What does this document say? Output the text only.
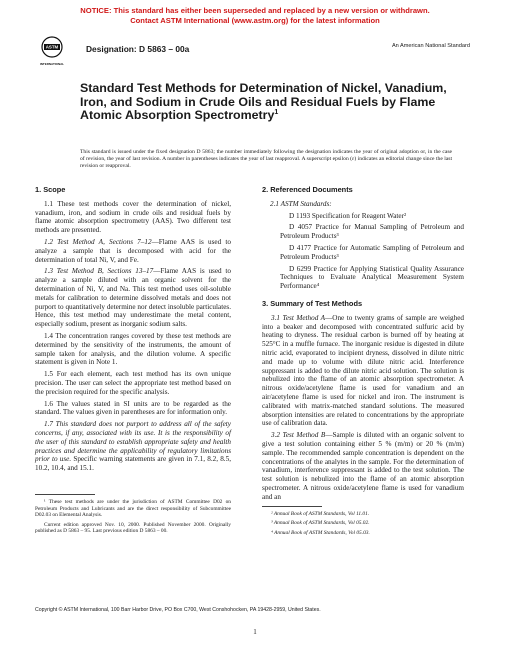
NOTICE: This standard has either been superseded and replaced by a new version or withdrawn.
Contact ASTM International (www.astm.org) for the latest information
ASTM
INTERNATIONAL
Designation: D 5863 – 00a	An American National Standard
Standard Test Methods for Determination of Nickel, Vanadium, Iron, and Sodium in Crude Oils and Residual Fuels by Flame Atomic Absorption Spectrometry$^1$
This standard is issued under the fixed designation D 5863; the number immediately following the designation indicates the year of original adoption or, in the case of revision, the year of last revision. A number in parentheses indicates the year of last reapproval. A superscript epsilon (ε) indicates an editorial change since the last revision or reapproval.
1. Scope

1.1 These test methods cover the determination of nickel, vanadium, iron, and sodium in crude oils and residual fuels by flame atomic absorption spectrometry (AAS). Two different test methods are presented.

1.2 Test Method A, Sections 7–12—Flame AAS is used to analyze a sample that is decomposed with acid for the determination of total Ni, V, and Fe.

1.3 Test Method B, Sections 13–17—Flame AAS is used to analyze a sample diluted with an organic solvent for the determination of Ni, V, and Na. This test method uses oil-soluble metals for calibration to determine dissolved metals and does not purport to quantitatively determine nor detect insoluble particulates. Hence, this test method may underestimate the metal content, especially sodium, present as inorganic sodium salts.

1.4 The concentration ranges covered by these test methods are determined by the sensitivity of the instruments, the amount of sample taken for analysis, and the dilution volume. A specific statement is given in Note 1.

1.5 For each element, each test method has its own unique precision. The user can select the appropriate test method based on the precision required for the specific analysis.

1.6 The values stated in SI units are to be regarded as the standard. The values given in parentheses are for information only.

1.7 This standard does not purport to address all of the safety concerns, if any, associated with its use. It is the responsibility of the user of this standard to establish appropriate safety and health practices and determine the applicability of regulatory limitations prior to use. Specific warning statements are given in 7.1, 8.2, 8.5, 10.2, 10.4, and 15.1.

¹ These test methods are under the jurisdiction of ASTM Committee D02 on Petroleum Products and Lubricants and are the direct responsibility of Subcommittee D02.03 on Elemental Analysis.

Current edition approved Nov. 10, 2000. Published November 2000. Originally published as D 5863 – 95. Last previous edition D 5863 – 00.

2. Referenced Documents

2.1 ASTM Standards:

D 1193 Specification for Reagent Water²

D 4057 Practice for Manual Sampling of Petroleum and Petroleum Products³

D 4177 Practice for Automatic Sampling of Petroleum and Petroleum Products³

D 6299 Practice for Applying Statistical Quality Assurance Techniques to Evaluate Analytical Measurement System Performance⁴

3. Summary of Test Methods

3.1 Test Method A—One to twenty grams of sample are weighed into a beaker and decomposed with concentrated sulfuric acid by heating to dryness. The residual carbon is burned off by heating at 525°C in a muffle furnace. The inorganic residue is digested in dilute nitric acid, evaporated to incipient dryness, dissolved in dilute nitric and made up to volume with dilute nitric acid. Interference suppressant is added to the dilute nitric acid solution. The solution is nebulized into the flame of an atomic absorption spectrometer. A nitrous oxide/acetylene flame is used for vanadium and an air/acetylene flame is used for nickel and iron. The instrument is calibrated with matrix-matched standard solutions. The measured absorption intensities are related to concentrations by the appropriate use of calibration data.

3.2 Test Method B—Sample is diluted with an organic solvent to give a test solution containing either 5 % (m/m) or 20 % (m/m) sample. The recommended sample concentration is dependent on the concentrations of the analytes in the sample. For the determination of vanadium, interference suppressant is added to the test solution. The test solution is nebulized into the flame of an atomic absorption spectrometer. A nitrous oxide/acetylene flame is used for vanadium and an

² Annual Book of ASTM Standards, Vol 11.01.

³ Annual Book of ASTM Standards, Vol 05.02.

⁴ Annual Book of ASTM Standards, Vol 05.03.

Copyright © ASTM International, 100 Barr Harbor Drive, PO Box C700, West Conshohocken, PA 19428-2959, United States.
1
